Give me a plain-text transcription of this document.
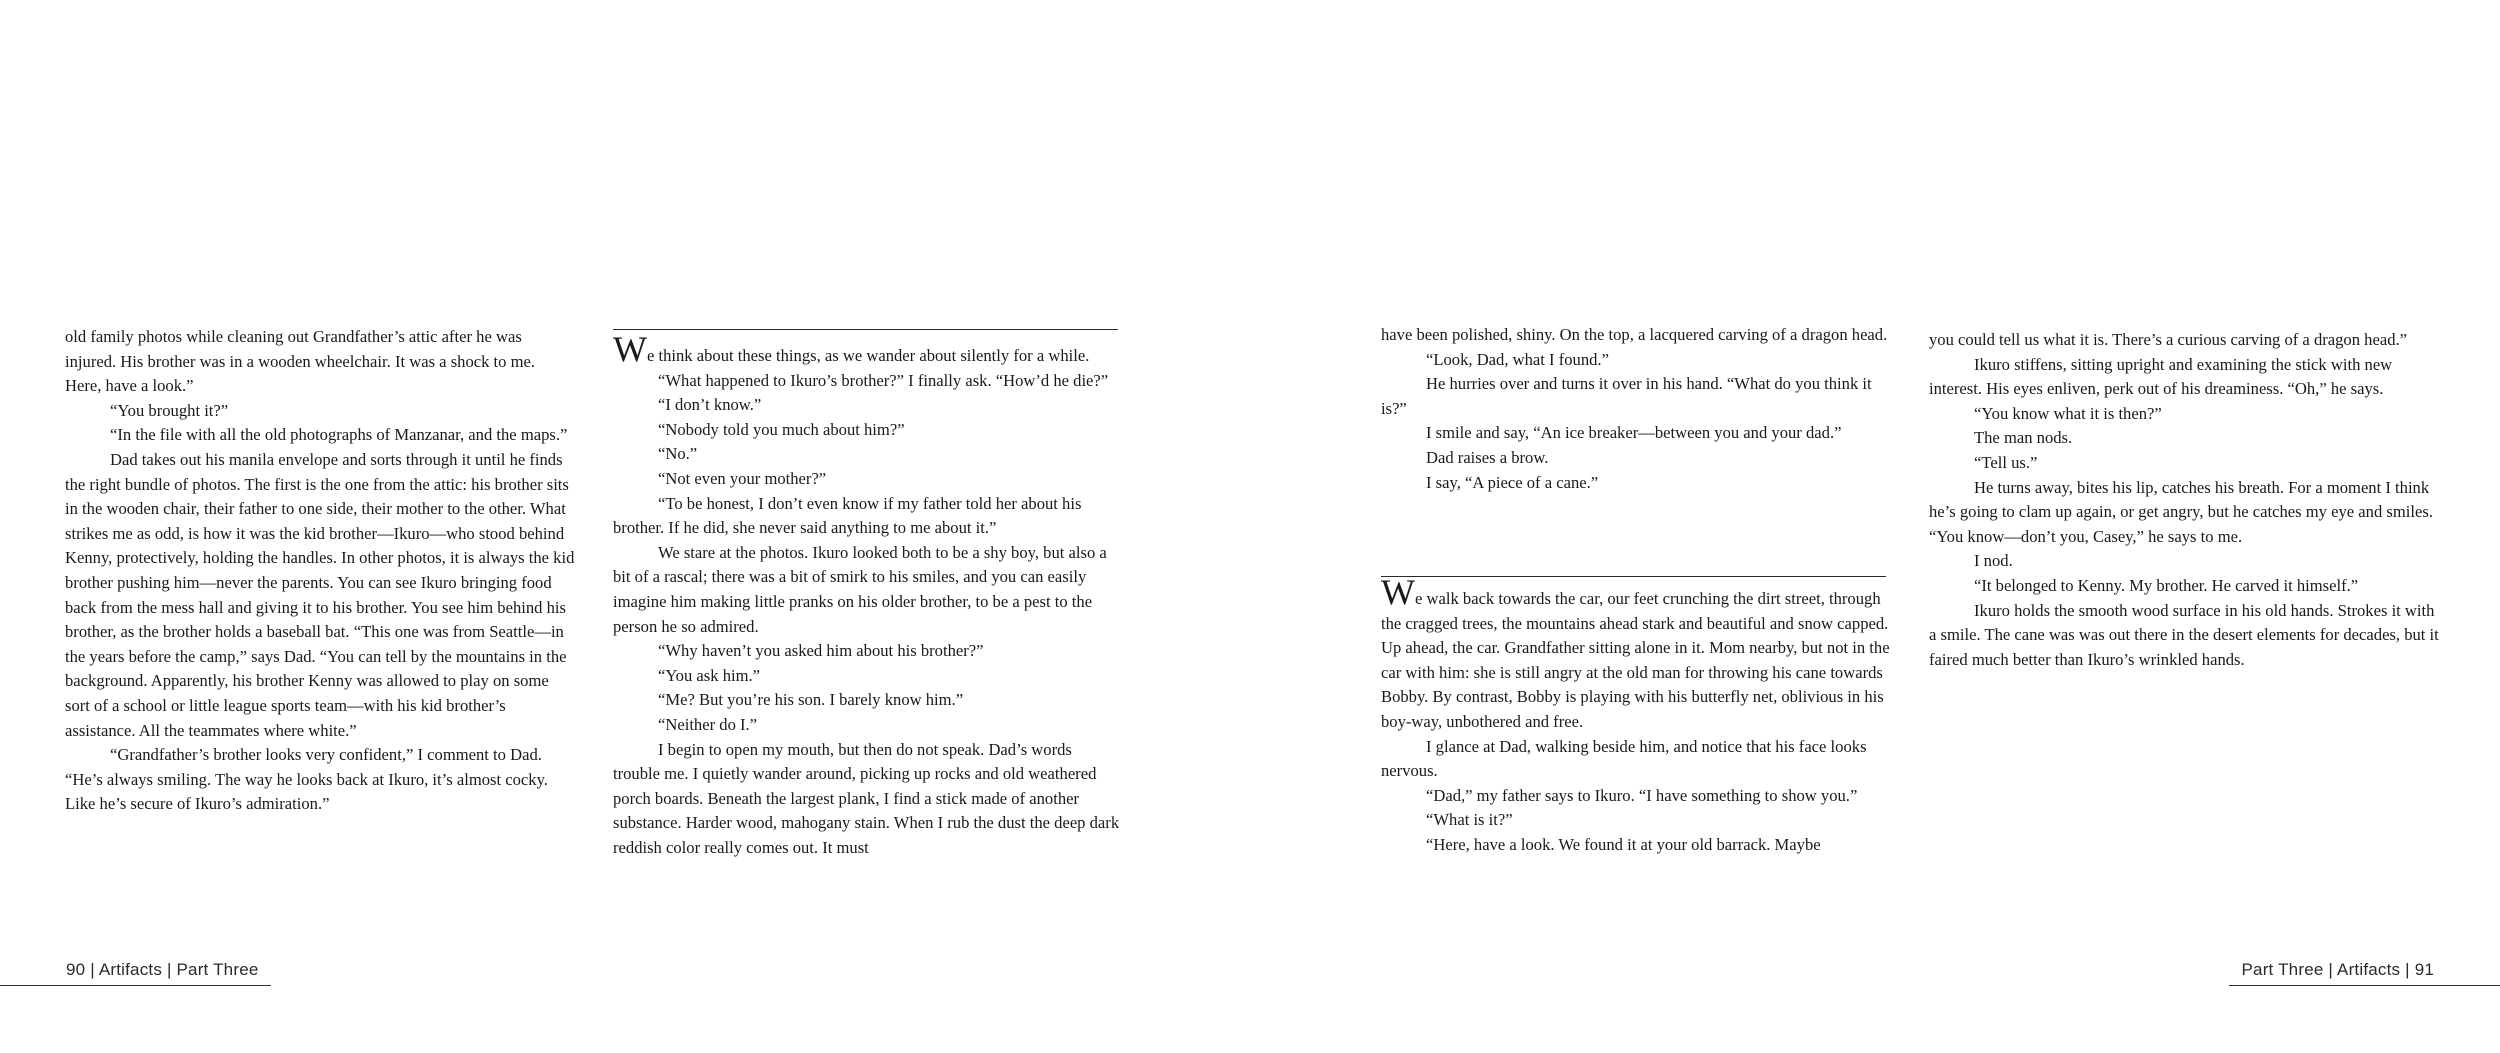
old family photos while cleaning out Grandfather’s attic after he was injured. His brother was in a wooden wheelchair. It was a shock to me. Here, have a look.”

“You brought it?”

“In the file with all the old photographs of Manzanar, and the maps.”

Dad takes out his manila envelope and sorts through it until he finds the right bundle of photos. The first is the one from the attic: his brother sits in the wooden chair, their father to one side, their mother to the other. What strikes me as odd, is how it was the kid brother—Ikuro—who stood behind Kenny, protectively, holding the handles. In other photos, it is always the kid brother pushing him—never the parents. You can see Ikuro bringing food back from the mess hall and giving it to his brother. You see him behind his brother, as the brother holds a baseball bat. “This one was from Seattle—in the years before the camp,” says Dad. “You can tell by the mountains in the background. Apparently, his brother Kenny was allowed to play on some sort of a school or little league sports team—with his kid brother’s assistance. All the teammates where white.”

“Grandfather’s brother looks very confident,” I comment to Dad. “He’s always smiling. The way he looks back at Ikuro, it’s almost cocky. Like he’s secure of Ikuro’s admiration.”

We think about these things, as we wander about silently for a while.

“What happened to Ikuro’s brother?” I finally ask. “How’d he die?”

“I don’t know.”

“Nobody told you much about him?”

“No.”

“Not even your mother?”

“To be honest, I don’t even know if my father told her about his brother. If he did, she never said anything to me about it.”

We stare at the photos. Ikuro looked both to be a shy boy, but also a bit of a rascal; there was a bit of smirk to his smiles, and you can easily imagine him making little pranks on his older brother, to be a pest to the person he so admired.

“Why haven’t you asked him about his brother?”

“You ask him.”

“Me? But you’re his son. I barely know him.”

“Neither do I.”

I begin to open my mouth, but then do not speak. Dad’s words trouble me. I quietly wander around, picking up rocks and old weathered porch boards. Beneath the largest plank, I find a stick made of another substance. Harder wood, mahogany stain. When I rub the dust the deep dark reddish color really comes out. It must

90 | Artifacts | Part Three

have been polished, shiny. On the top, a lacquered carving of a dragon head.

“Look, Dad, what I found.”

He hurries over and turns it over in his hand. “What do you think it is?”

I smile and say, “An ice breaker—between you and your dad.”

Dad raises a brow.

I say, “A piece of a cane.”

We walk back towards the car, our feet crunching the dirt street, through the cragged trees, the mountains ahead stark and beautiful and snow capped. Up ahead, the car. Grandfather sitting alone in it. Mom nearby, but not in the car with him: she is still angry at the old man for throwing his cane towards Bobby. By contrast, Bobby is playing with his butterfly net, oblivious in his boy-way, unbothered and free.

I glance at Dad, walking beside him, and notice that his face looks nervous.

“Dad,” my father says to Ikuro. “I have something to show you.”

“What is it?”

“Here, have a look. We found it at your old barrack. Maybe

you could tell us what it is. There’s a curious carving of a dragon head.”

Ikuro stiffens, sitting upright and examining the stick with new interest. His eyes enliven, perk out of his dreaminess. “Oh,” he says.

“You know what it is then?”

The man nods.

“Tell us.”

He turns away, bites his lip, catches his breath. For a moment I think he’s going to clam up again, or get angry, but he catches my eye and smiles. “You know—don’t you, Casey,” he says to me.

I nod.

“It belonged to Kenny. My brother. He carved it himself.”

Ikuro holds the smooth wood surface in his old hands. Strokes it with a smile. The cane was was out there in the desert elements for decades, but it faired much better than Ikuro’s wrinkled hands.

Part Three | Artifacts | 91
